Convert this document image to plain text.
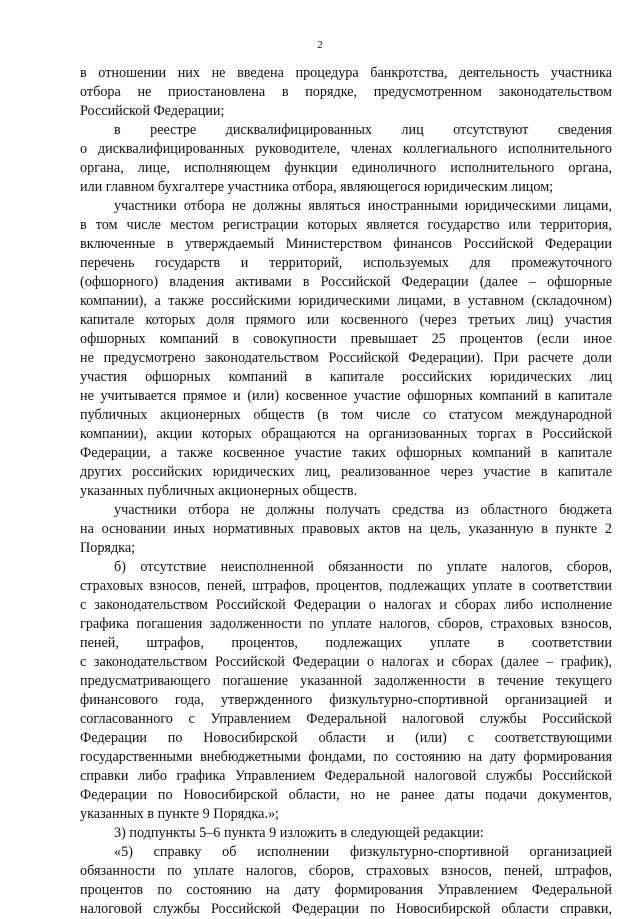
2
в отношении них не введена процедура банкротства, деятельность участника
отбора не приостановлена в порядке, предусмотренном законодательством
Российской Федерации;
в реестре дисквалифицированных лиц отсутствуют сведения
о дисквалифицированных руководителе, членах коллегиального исполнительного
органа, лице, исполняющем функции единоличного исполнительного органа,
или главном бухгалтере участника отбора, являющегося юридическим лицом;
участники отбора не должны являться иностранными юридическими лицами,
в том числе местом регистрации которых является государство или территория,
включенные в утверждаемый Министерством финансов Российской Федерации
перечень государств и территорий, используемых для промежуточного
(офшорного) владения активами в Российской Федерации (далее – офшорные
компании), а также российскими юридическими лицами, в уставном (складочном)
капитале которых доля прямого или косвенного (через третьих лиц) участия
офшорных компаний в совокупности превышает 25 процентов (если иное
не предусмотрено законодательством Российской Федерации). При расчете доли
участия офшорных компаний в капитале российских юридических лиц
не учитывается прямое и (или) косвенное участие офшорных компаний в капитале
публичных акционерных обществ (в том числе со статусом международной
компании), акции которых обращаются на организованных торгах в Российской
Федерации, а также косвенное участие таких офшорных компаний в капитале
других российских юридических лиц, реализованное через участие в капитале
указанных публичных акционерных обществ.
участники отбора не должны получать средства из областного бюджета
на основании иных нормативных правовых актов на цель, указанную в пункте 2
Порядка;
б) отсутствие неисполненной обязанности по уплате налогов, сборов,
страховых взносов, пеней, штрафов, процентов, подлежащих уплате в соответствии
с законодательством Российской Федерации о налогах и сборах либо исполнение
графика погашения задолженности по уплате налогов, сборов, страховых взносов,
пеней, штрафов, процентов, подлежащих уплате в соответствии
с законодательством Российской Федерации о налогах и сборах (далее – график),
предусматривающего погашение указанной задолженности в течение текущего
финансового года, утвержденного физкультурно-спортивной организацией и
согласованного с Управлением Федеральной налоговой службы Российской
Федерации по Новосибирской области и (или) с соответствующими
государственными внебюджетными фондами, по состоянию на дату формирования
справки либо графика Управлением Федеральной налоговой службы Российской
Федерации по Новосибирской области, но не ранее даты подачи документов,
указанных в пункте 9 Порядка.»;
3) подпункты 5–6 пункта 9 изложить в следующей редакции:
«5) справку об исполнении физкультурно-спортивной организацией
обязанности по уплате налогов, сборов, страховых взносов, пеней, штрафов,
процентов по состоянию на дату формирования Управлением Федеральной
налоговой службы Российской Федерации по Новосибирской области справки,
